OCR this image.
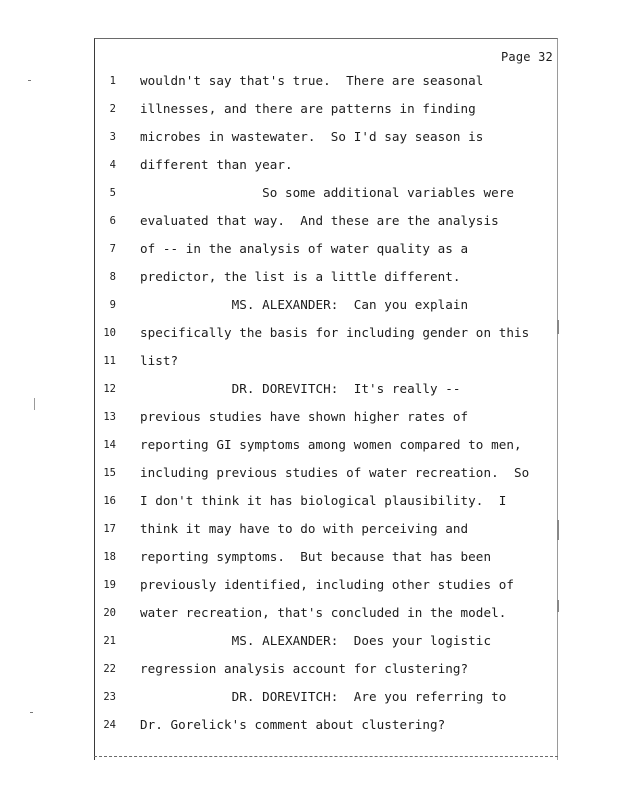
Page 32
1 wouldn't say that's true.  There are seasonal
2 illnesses, and there are patterns in finding
3 microbes in wastewater.  So I'd say season is
4 different than year.
5 So some additional variables were
6 evaluated that way.  And these are the analysis
7 of -- in the analysis of water quality as a
8 predictor, the list is a little different.
9 MS. ALEXANDER:  Can you explain
10 specifically the basis for including gender on this
11 list?
12 DR. DOREVITCH:  It's really --
13 previous studies have shown higher rates of
14 reporting GI symptoms among women compared to men,
15 including previous studies of water recreation.  So
16 I don't think it has biological plausibility.  I
17 think it may have to do with perceiving and
18 reporting symptoms.  But because that has been
19 previously identified, including other studies of
20 water recreation, that's concluded in the model.
21 MS. ALEXANDER:  Does your logistic
22 regression analysis account for clustering?
23 DR. DOREVITCH:  Are you referring to
24 Dr. Gorelick's comment about clustering?
